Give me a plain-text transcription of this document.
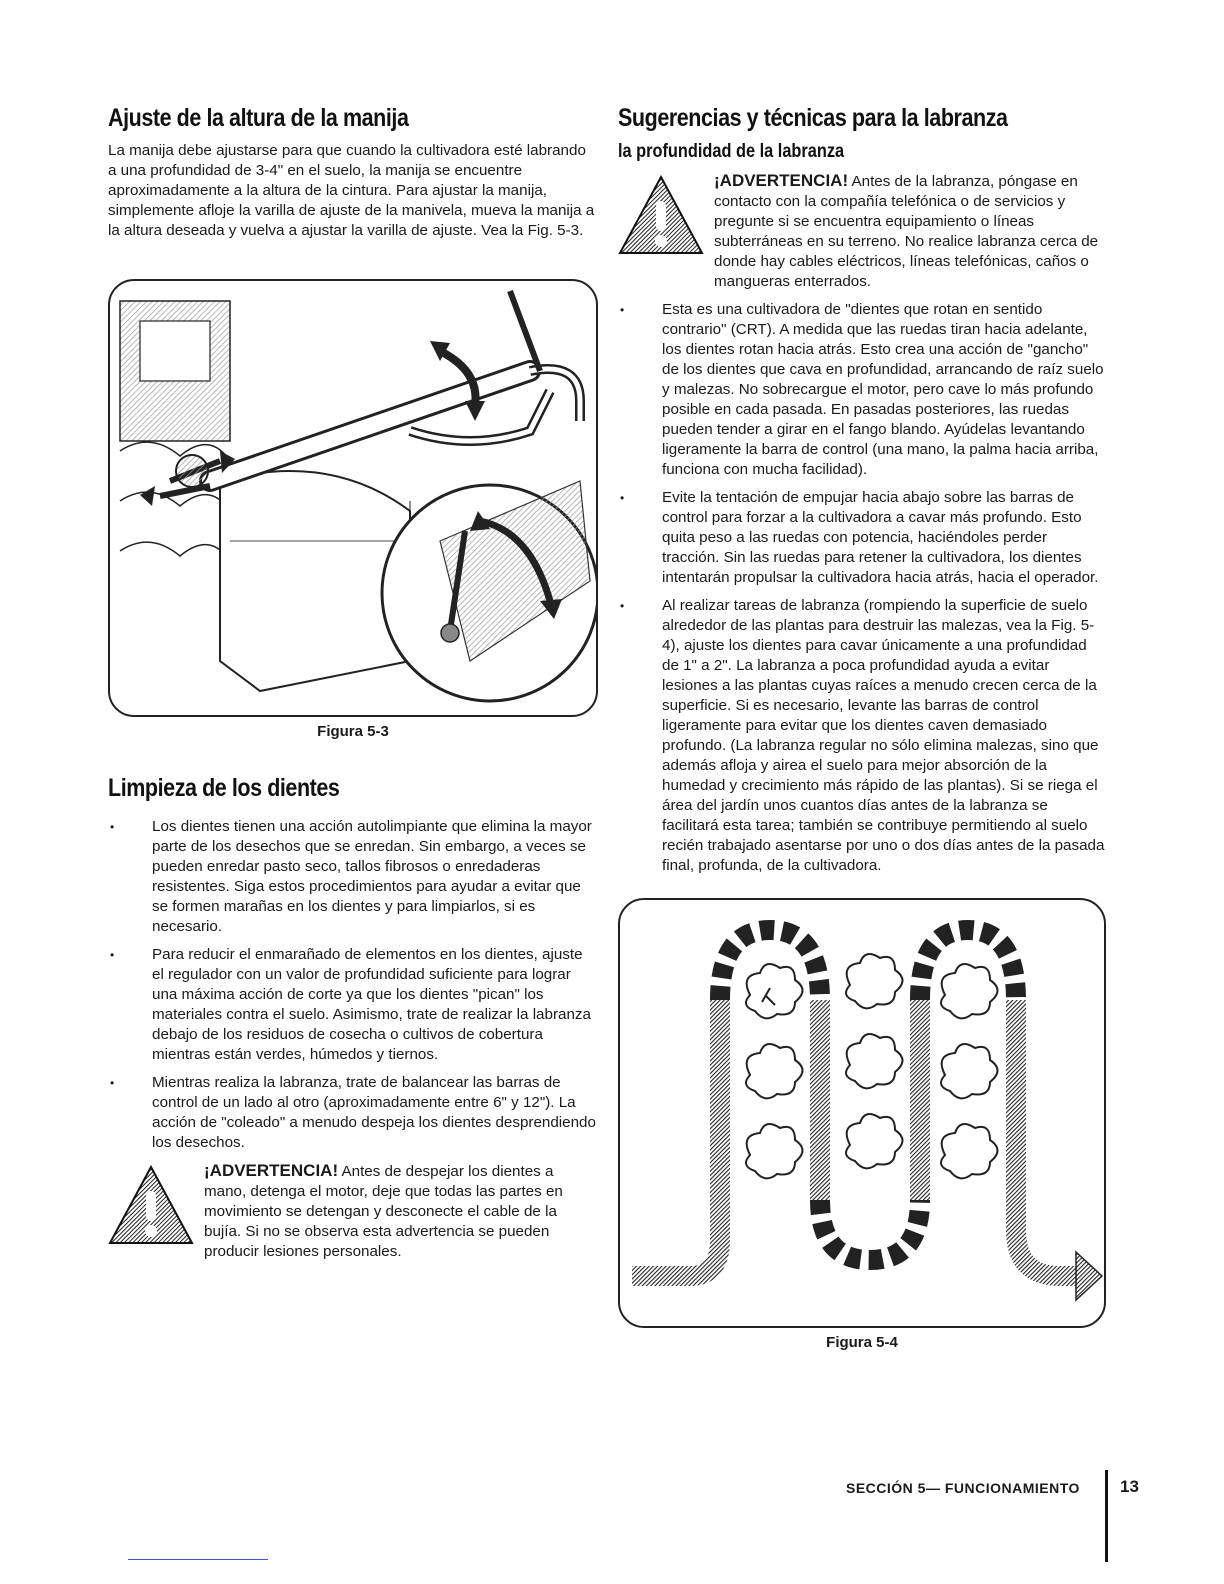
Ajuste de la altura de la manija

La manija debe ajustarse para que cuando la cultivadora esté labrando a una profundidad de 3-4" en el suelo, la manija se encuentre aproximadamente a la altura de la cintura. Para ajustar la manija, simplemente afloje la varilla de ajuste de la manivela, mueva la manija a la altura deseada y vuelva a ajustar la varilla de ajuste. Vea la Fig. 5-3.

Figura 5-3

Limpieza de los dientes
• Los dientes tienen una acción autolimpiante que elimina la mayor parte de los desechos que se enredan. Sin embargo, a veces se pueden enredar pasto seco, tallos fibrosos o enredaderas resistentes. Siga estos procedimientos para ayudar a evitar que se formen marañas en los dientes y para limpiarlos, si es necesario.
• Para reducir el enmarañado de elementos en los dientes, ajuste el regulador con un valor de profundidad suficiente para lograr una máxima acción de corte ya que los dientes "pican" los materiales contra el suelo. Asimismo, trate de realizar la labranza debajo de los residuos de cosecha o cultivos de cobertura mientras están verdes, húmedos y tiernos.
• Mientras realiza la labranza, trate de balancear las barras de control de un lado al otro (aproximadamente entre 6" y 12"). La acción de "coleado" a menudo despeja los dientes desprendiendo los desechos.
¡ADVERTENCIA! Antes de despejar los dientes a mano, detenga el motor, deje que todas las partes en movimiento se detengan y desconecte el cable de la bujía. Si no se observa esta advertencia se pueden producir lesiones personales.
Sugerencias y técnicas para la labranza
la profundidad de la labranza
¡ADVERTENCIA! Antes de la labranza, póngase en contacto con la compañía telefónica o de servicios y pregunte si se encuentra equipamiento o líneas subterráneas en su terreno. No realice labranza cerca de donde hay cables eléctricos, líneas telefónicas, caños o mangueras enterrados.
• Esta es una cultivadora de "dientes que rotan en sentido contrario" (CRT). A medida que las ruedas tiran hacia adelante, los dientes rotan hacia atrás. Esto crea una acción de "gancho" de los dientes que cava en profundidad, arrancando de raíz suelo y malezas. No sobrecargue el motor, pero cave lo más profundo posible en cada pasada. En pasadas posteriores, las ruedas pueden tender a girar en el fango blando. Ayúdelas levantando ligeramente la barra de control (una mano, la palma hacia arriba, funciona con mucha facilidad).
• Evite la tentación de empujar hacia abajo sobre las barras de control para forzar a la cultivadora a cavar más profundo. Esto quita peso a las ruedas con potencia, haciéndoles perder tracción. Sin las ruedas para retener la cultivadora, los dientes intentarán propulsar la cultivadora hacia atrás, hacia el operador.
• Al realizar tareas de labranza (rompiendo la superficie de suelo alrededor de las plantas para destruir las malezas, vea la Fig. 5-4), ajuste los dientes para cavar únicamente a una profundidad de 1" a 2". La labranza a poca profundidad ayuda a evitar lesiones a las plantas cuyas raíces a menudo crecen cerca de la superficie. Si es necesario, levante las barras de control ligeramente para evitar que los dientes caven demasiado profundo. (La labranza regular no sólo elimina malezas, sino que además afloja y airea el suelo para mejor absorción de la humedad y crecimiento más rápido de las plantas). Si se riega el área del jardín unos cuantos días antes de la labranza se facilitará esta tarea; también se contribuye permitiendo al suelo recién trabajado asentarse por uno o dos días antes de la pasada final, profunda, de la cultivadora.

Figura 5-4

SECCIÓN 5— FUNCIONAMIENTO 13
